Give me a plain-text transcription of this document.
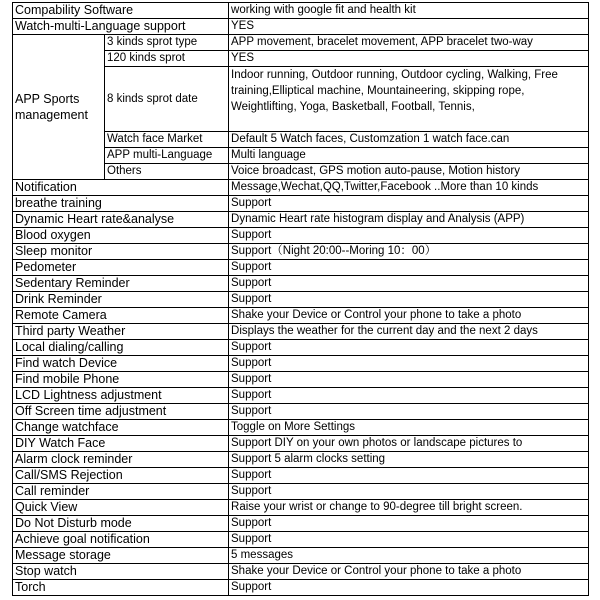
Compability Software		working with google fit and health kit
Watch-multi-Language support		YES
APP Sports management	3 kinds sprot type	APP movement, bracelet movement, APP bracelet two-way
	120 kinds sprot	YES
	8 kinds sprot date	Indoor running, Outdoor running, Outdoor cycling, Walking, Free training,Elliptical machine, Mountaineering, skipping rope, Weightlifting, Yoga, Basketball, Football, Tennis,
	Watch face Market	Default 5 Watch faces, Customzation 1 watch face.can
	APP multi-Language	Multi language
	Others	Voice broadcast, GPS motion auto-pause, Motion history
Notification		Message,Wechat,QQ,Twitter,Facebook ..More than 10 kinds
breathe training		Support
Dynamic Heart rate&analyse		Dynamic Heart rate histogram display and Analysis (APP)
Blood oxygen		Support
Sleep monitor		Support（Night 20:00--Moring 10：00）
Pedometer		Support
Sedentary Reminder		Support
Drink Reminder		Support
Remote Camera		Shake your Device or Control your phone to take a photo
Third party Weather		Displays the weather for the current day and the next 2 days
Local dialing/calling		Support
Find watch Device		Support
Find mobile Phone		Support
LCD Lightness adjustment		Support
Off Screen time adjustment		Support
Change watchface		Toggle on More Settings
DIY Watch Face		Support DIY on your own photos or landscape pictures to
Alarm clock reminder		Support 5 alarm clocks setting
Call/SMS Rejection		Support
Call reminder		Support
Quick View		Raise your wrist or change to 90-degree till bright screen.
Do Not Disturb mode		Support
Achieve goal notification		Support
Message storage		5 messages
Stop watch		Shake your Device or Control your phone to take a photo
Torch		Support
